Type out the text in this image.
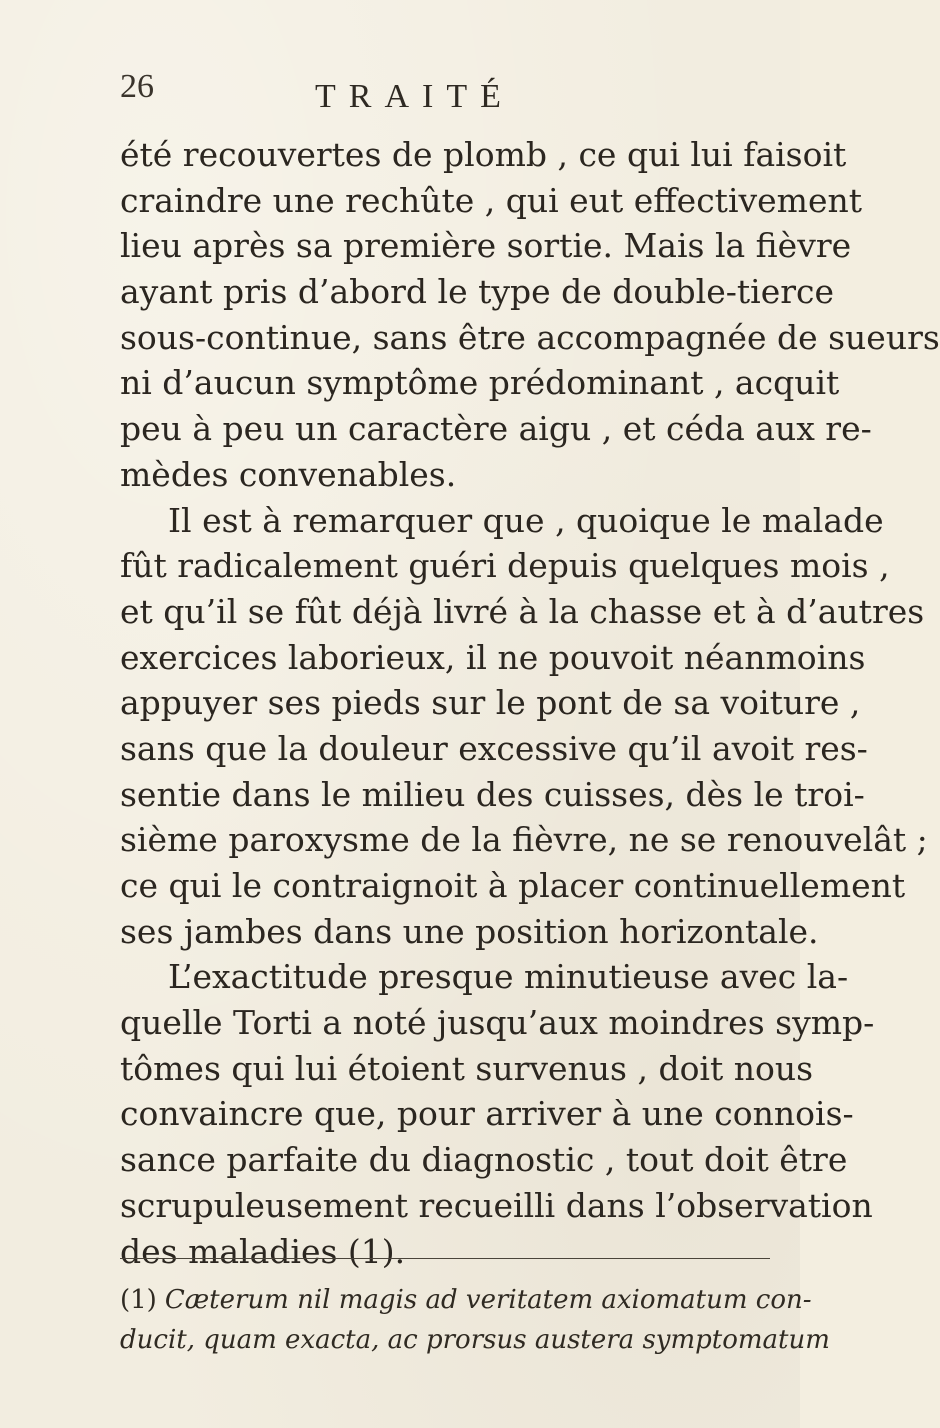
26	TRAITÉ
été recouvertes de plomb , ce qui lui faisoit
craindre une rechûte , qui eut effectivement
lieu après sa première sortie. Mais la fièvre
ayant pris d’abord le type de double-tierce
sous-continue, sans être accompagnée de sueurs
ni d’aucun symptôme prédominant , acquit
peu à peu un caractère aigu , et céda aux re-
mèdes convenables.
Il est à remarquer que , quoique le malade
fût radicalement guéri depuis quelques mois ,
et qu’il se fût déjà livré à la chasse et à d’autres
exercices laborieux, il ne pouvoit néanmoins
appuyer ses pieds sur le pont de sa voiture ,
sans que la douleur excessive qu’il avoit res-
sentie dans le milieu des cuisses, dès le troi-
sième paroxysme de la fièvre, ne se renouvelât ;
ce qui le contraignoit à placer continuellement
ses jambes dans une position horizontale.
L’exactitude presque minutieuse avec la-
quelle Torti a noté jusqu’aux moindres symp-
tômes qui lui étoient survenus , doit nous
convaincre que, pour arriver à une connois-
sance parfaite du diagnostic , tout doit être
scrupuleusement recueilli dans l’observation
des maladies (1).
(1) Cæterum nil magis ad veritatem axiomatum con-
ducit, quam exacta, ac prorsus austera symptomatum
